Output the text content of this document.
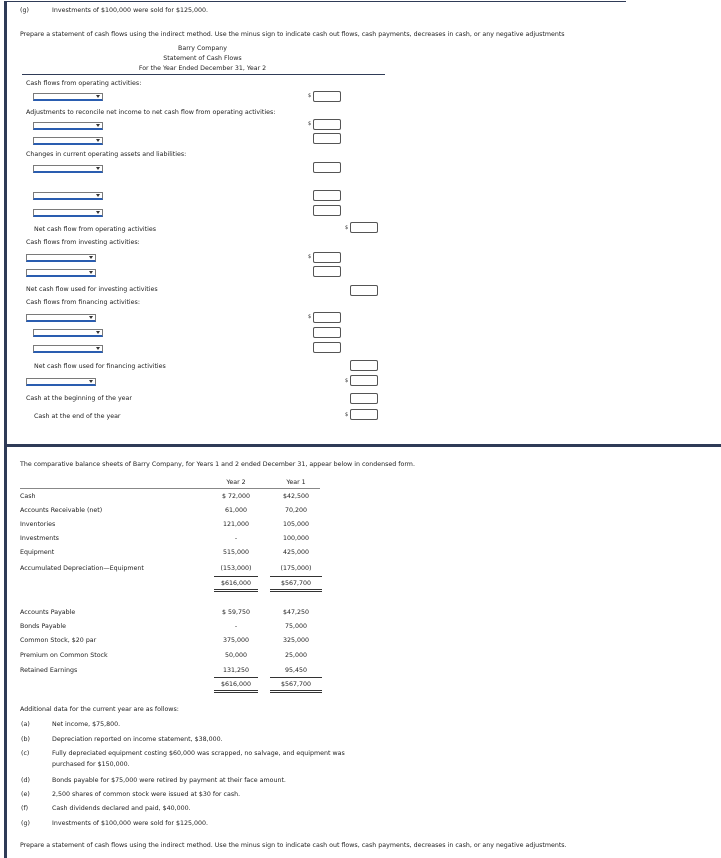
(g)	Investments of $100,000 were sold for $125,000.
Prepare a statement of cash flows using the indirect method. Use the minus sign to indicate cash out flows, cash payments, decreases in cash, or any negative adjustments
Barry Company
Statement of Cash Flows
For the Year Ended December 31, Year 2
Cash flows from operating activities:
$
Adjustments to reconcile net income to net cash flow from operating activities:
$
Changes in current operating assets and liabilities:
Net cash flow from operating activities	$
Cash flows from investing activities:
$
Net cash flow used for investing activities
Cash flows from financing activities:
$
Net cash flow used for financing activities
$
Cash at the beginning of the year
Cash at the end of the year	$
The comparative balance sheets of Barry Company, for Years 1 and 2 ended December 31, appear below in condensed form.
Year 2	Year 1
Cash	$ 72,000	$42,500
Accounts Receivable (net)	61,000	70,200
Inventories	121,000	105,000
Investments	-	100,000
Equipment	515,000	425,000
Accumulated Depreciation—Equipment	(153,000)	(175,000)
$616,000	$567,700
Accounts Payable	$ 59,750	$47,250
Bonds Payable	-	75,000
Common Stock, $20 par	375,000	325,000
Premium on Common Stock	50,000	25,000
Retained Earnings	131,250	95,450
$616,000	$567,700
Additional data for the current year are as follows:
(a)	Net income, $75,800.
(b)	Depreciation reported on income statement, $38,000.
(c)	Fully depreciated equipment costing $60,000 was scrapped, no salvage, and equipment was
purchased for $150,000.
(d)	Bonds payable for $75,000 were retired by payment at their face amount.
(e)	2,500 shares of common stock were issued at $30 for cash.
(f)	Cash dividends declared and paid, $40,000.
(g)	Investments of $100,000 were sold for $125,000.
Prepare a statement of cash flows using the indirect method. Use the minus sign to indicate cash out flows, cash payments, decreases in cash, or any negative adjustments.
